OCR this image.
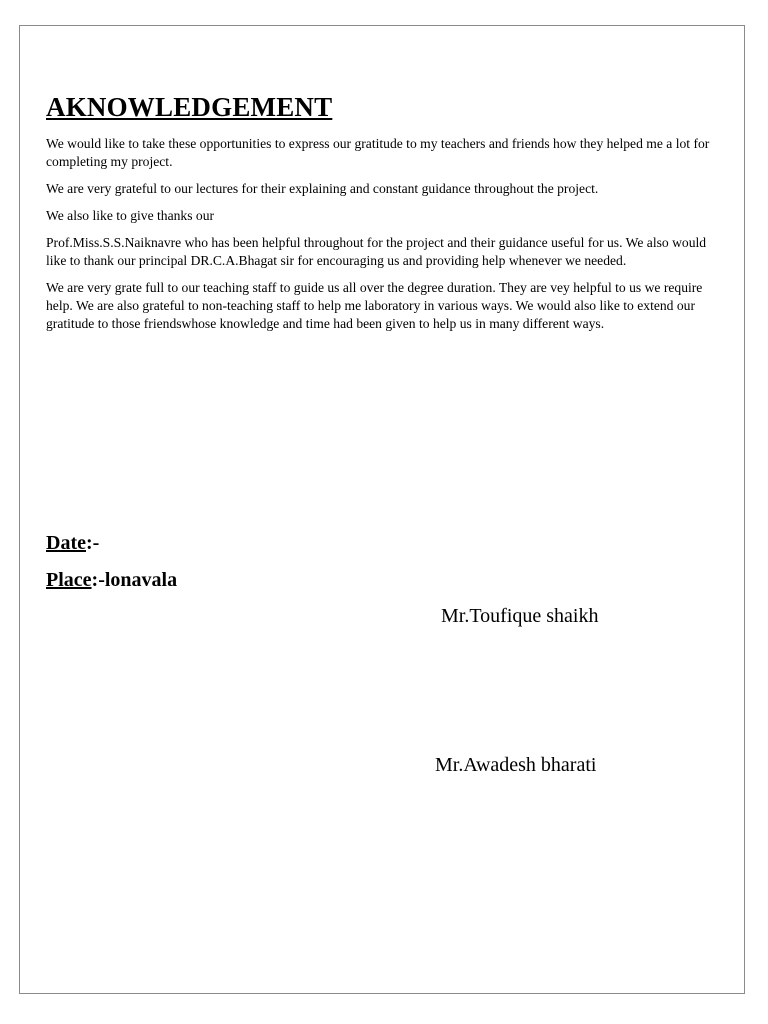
AKNOWLEDGEMENT

We would like to take these opportunities to express our gratitude to my teachers and friends how they helped me a lot for completing my project.

We are very grateful to our lectures for their explaining and constant guidance throughout the project.

We also like to give thanks our

Prof.Miss.S.S.Naiknavre who has been helpful throughout for the project and their guidance useful for us. We also would like to thank our principal DR.C.A.Bhagat sir for encouraging us and providing help whenever we needed.

We are very grate full to our teaching staff to guide us all over the degree duration. They are vey helpful to us we require help. We are also grateful to non-teaching staff to help me laboratory in various ways. We would also like to extend our gratitude to those friendswhose knowledge and time had been given to help us in many different ways.

Date:-
Place:-lonavala
Mr.Toufique shaikh
Mr.Awadesh bharati
